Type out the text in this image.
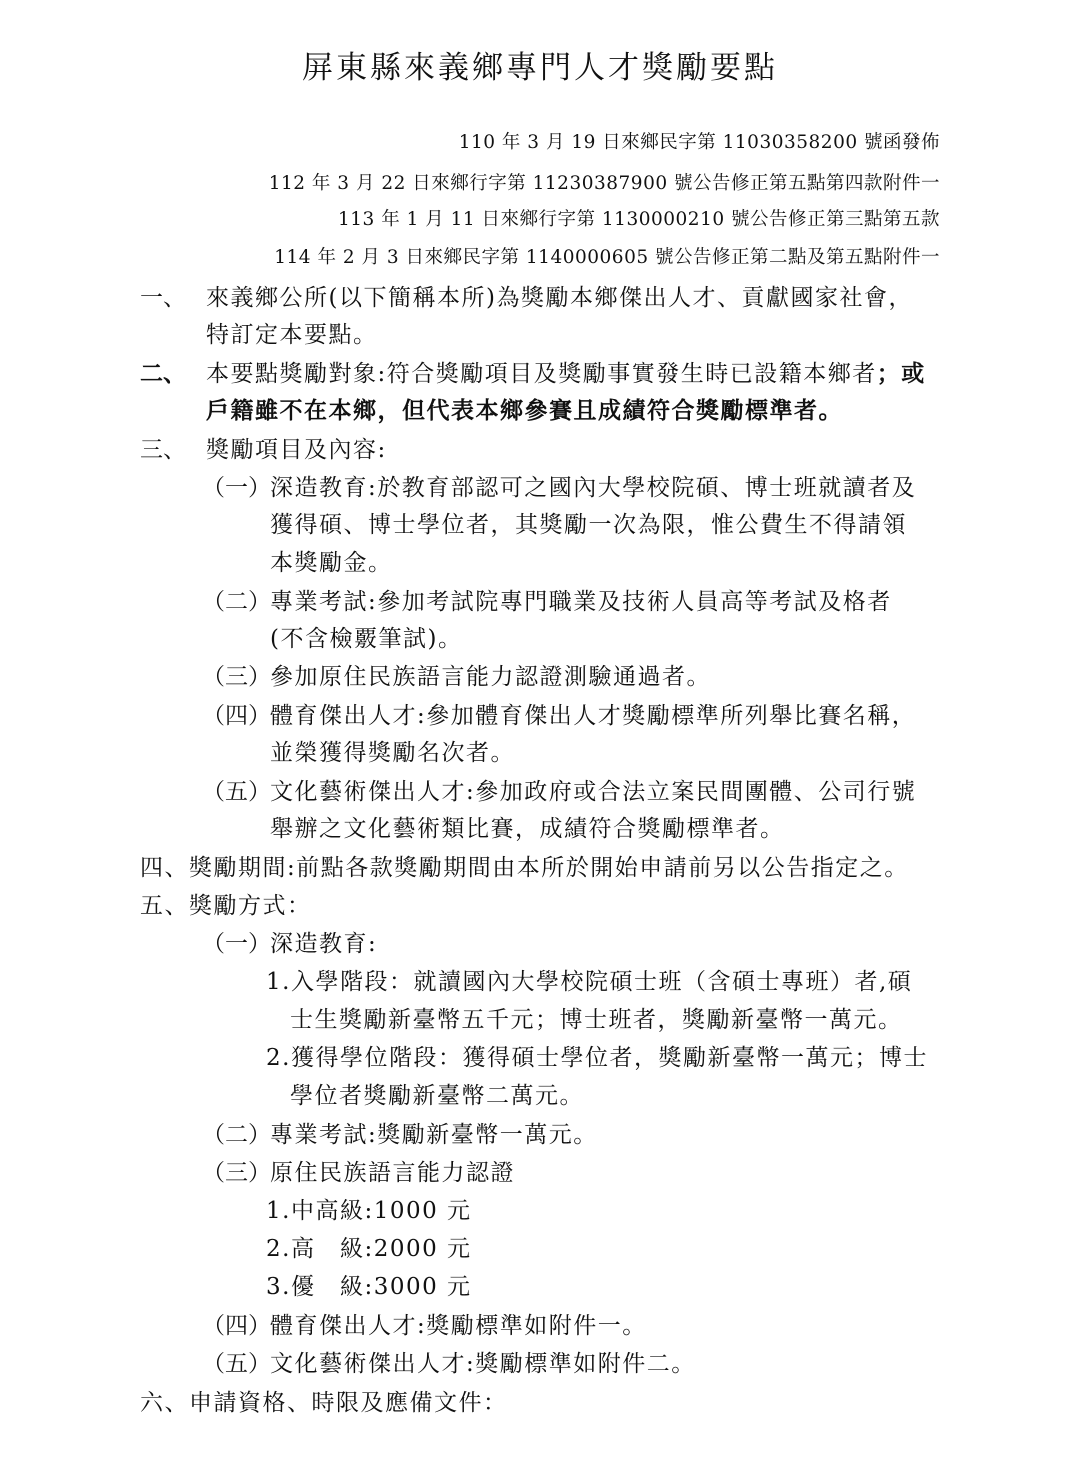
屏東縣來義鄉專門人才獎勵要點
110 年 3 月 19 日來鄉民字第 11030358200 號函發佈
112 年 3 月 22 日來鄉行字第 11230387900 號公告修正第五點第四款附件一
113 年 1 月 11 日來鄉行字第 1130000210 號公告修正第三點第五款
114 年 2 月 3 日來鄉民字第 1140000605 號公告修正第二點及第五點附件一
一、 來義鄉公所(以下簡稱本所)為獎勵本鄉傑出人才、貢獻國家社會，
特訂定本要點。
二、 本要點獎勵對象:符合獎勵項目及獎勵事實發生時已設籍本鄉者；或
戶籍雖不在本鄉，但代表本鄉參賽且成績符合獎勵標準者。
三、 獎勵項目及內容:
（一） 深造教育:於教育部認可之國內大學校院碩、博士班就讀者及
獲得碩、博士學位者，其獎勵一次為限，惟公費生不得請領
本獎勵金。
（二） 專業考試:參加考試院專門職業及技術人員高等考試及格者
(不含檢覈筆試)。
（三） 參加原住民族語言能力認證測驗通過者。
（四） 體育傑出人才:參加體育傑出人才獎勵標準所列舉比賽名稱，
並榮獲得獎勵名次者。
（五） 文化藝術傑出人才:參加政府或合法立案民間團體、公司行號
舉辦之文化藝術類比賽，成績符合獎勵標準者。
四、獎勵期間:前點各款獎勵期間由本所於開始申請前另以公告指定之。
五、獎勵方式：
（一） 深造教育:
1.入學階段：就讀國內大學校院碩士班（含碩士專班）者,碩
士生獎勵新臺幣五千元；博士班者，獎勵新臺幣一萬元。
2.獲得學位階段：獲得碩士學位者，獎勵新臺幣一萬元；博士
學位者獎勵新臺幣二萬元。
（二） 專業考試:獎勵新臺幣一萬元。
（三） 原住民族語言能力認證
1.中高級:1000 元
2.高　級:2000 元
3.優　級:3000 元
（四） 體育傑出人才:獎勵標準如附件一。
（五） 文化藝術傑出人才:獎勵標準如附件二。
六、申請資格、時限及應備文件：
